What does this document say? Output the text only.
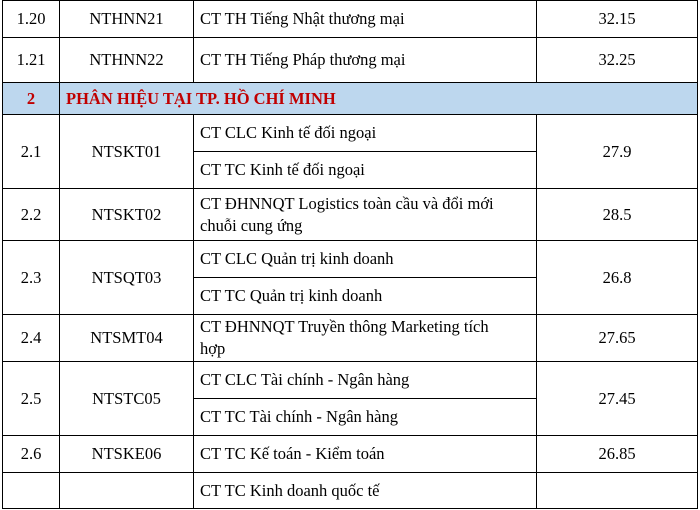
1.20	NTHNN21	CT TH Tiếng Nhật thương mại	32.15
1.21	NTHNN22	CT TH Tiếng Pháp thương mại	32.25
2	PHÂN HIỆU TẠI TP. HỒ CHÍ MINH		
2.1	NTSKT01	CT CLC Kinh tế đối ngoại	27.9
		CT TC Kinh tế đối ngoại	
2.2	NTSKT02	CT ĐHNNQT Logistics toàn cầu và đổi mới
chuỗi cung ứng	28.5
2.3	NTSQT03	CT CLC Quản trị kinh doanh	26.8
		CT TC Quản trị kinh doanh	
2.4	NTSMT04	CT ĐHNNQT Truyền thông Marketing tích
hợp	27.65
2.5	NTSTC05	CT CLC Tài chính - Ngân hàng	27.45
		CT TC Tài chính - Ngân hàng	
2.6	NTSKE06	CT TC Kế toán - Kiểm toán	26.85
		CT TC Kinh doanh quốc tế	
